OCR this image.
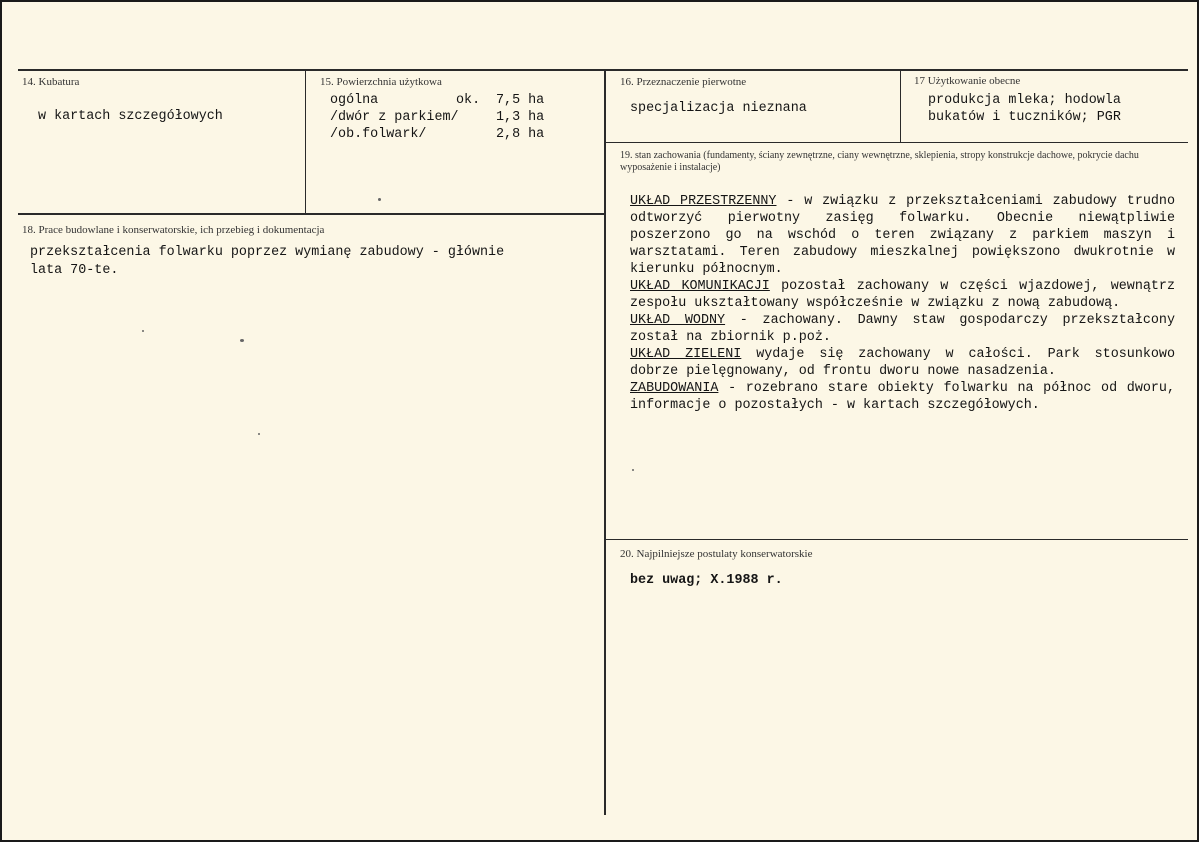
14. Kubatura
w kartach szczegółowych
15. Powierzchnia użytkowa
ogólna	ok. 7,5 ha
/dwór z parkiem/	1,3 ha
/ob.folwark/	2,8 ha
16. Przeznaczenie pierwotne
specjalizacja nieznana
17 Użytkowanie obecne
produkcja mleka; hodowla
bukatów i tuczników; PGR
18. Prace budowlane i konserwatorskie, ich przebieg i dokumentacja
przekształcenia folwarku poprzez wymianę zabudowy - głównie
lata 70-te.
19. stan zachowania (fundamenty, ściany zewnętrzne, ciany wewnętrzne, sklepienia, stropy konstrukcje dachowe, pokrycie dachu wyposażenie i instalacje)
UKŁAD PRZESTRZENNY - w związku z przekształceniami zabudowy trudno odtworzyć pierwotny zasięg folwarku. Obecnie niewątpliwie poszerzono go na wschód o teren związany z parkiem maszyn i warsztatami. Teren zabudowy mieszkalnej powiększono dwukrotnie w kierunku północnym.
UKŁAD KOMUNIKACJI pozostał zachowany w części wjazdowej, wewnątrz zespołu ukształtowany współcześnie w związku z nową zabudową.
UKŁAD WODNY - zachowany. Dawny staw gospodarczy przekształcony został na zbiornik p.poż.
UKŁAD ZIELENI wydaje się zachowany w całości. Park stosunkowo dobrze pielęgnowany, od frontu dworu nowe nasadzenia.
ZABUDOWANIA - rozebrano stare obiekty folwarku na północ od dworu, informacje o pozostałych - w kartach szczegółowych.
20. Najpilniejsze postulaty konserwatorskie
bez uwag; X.1988 r.
